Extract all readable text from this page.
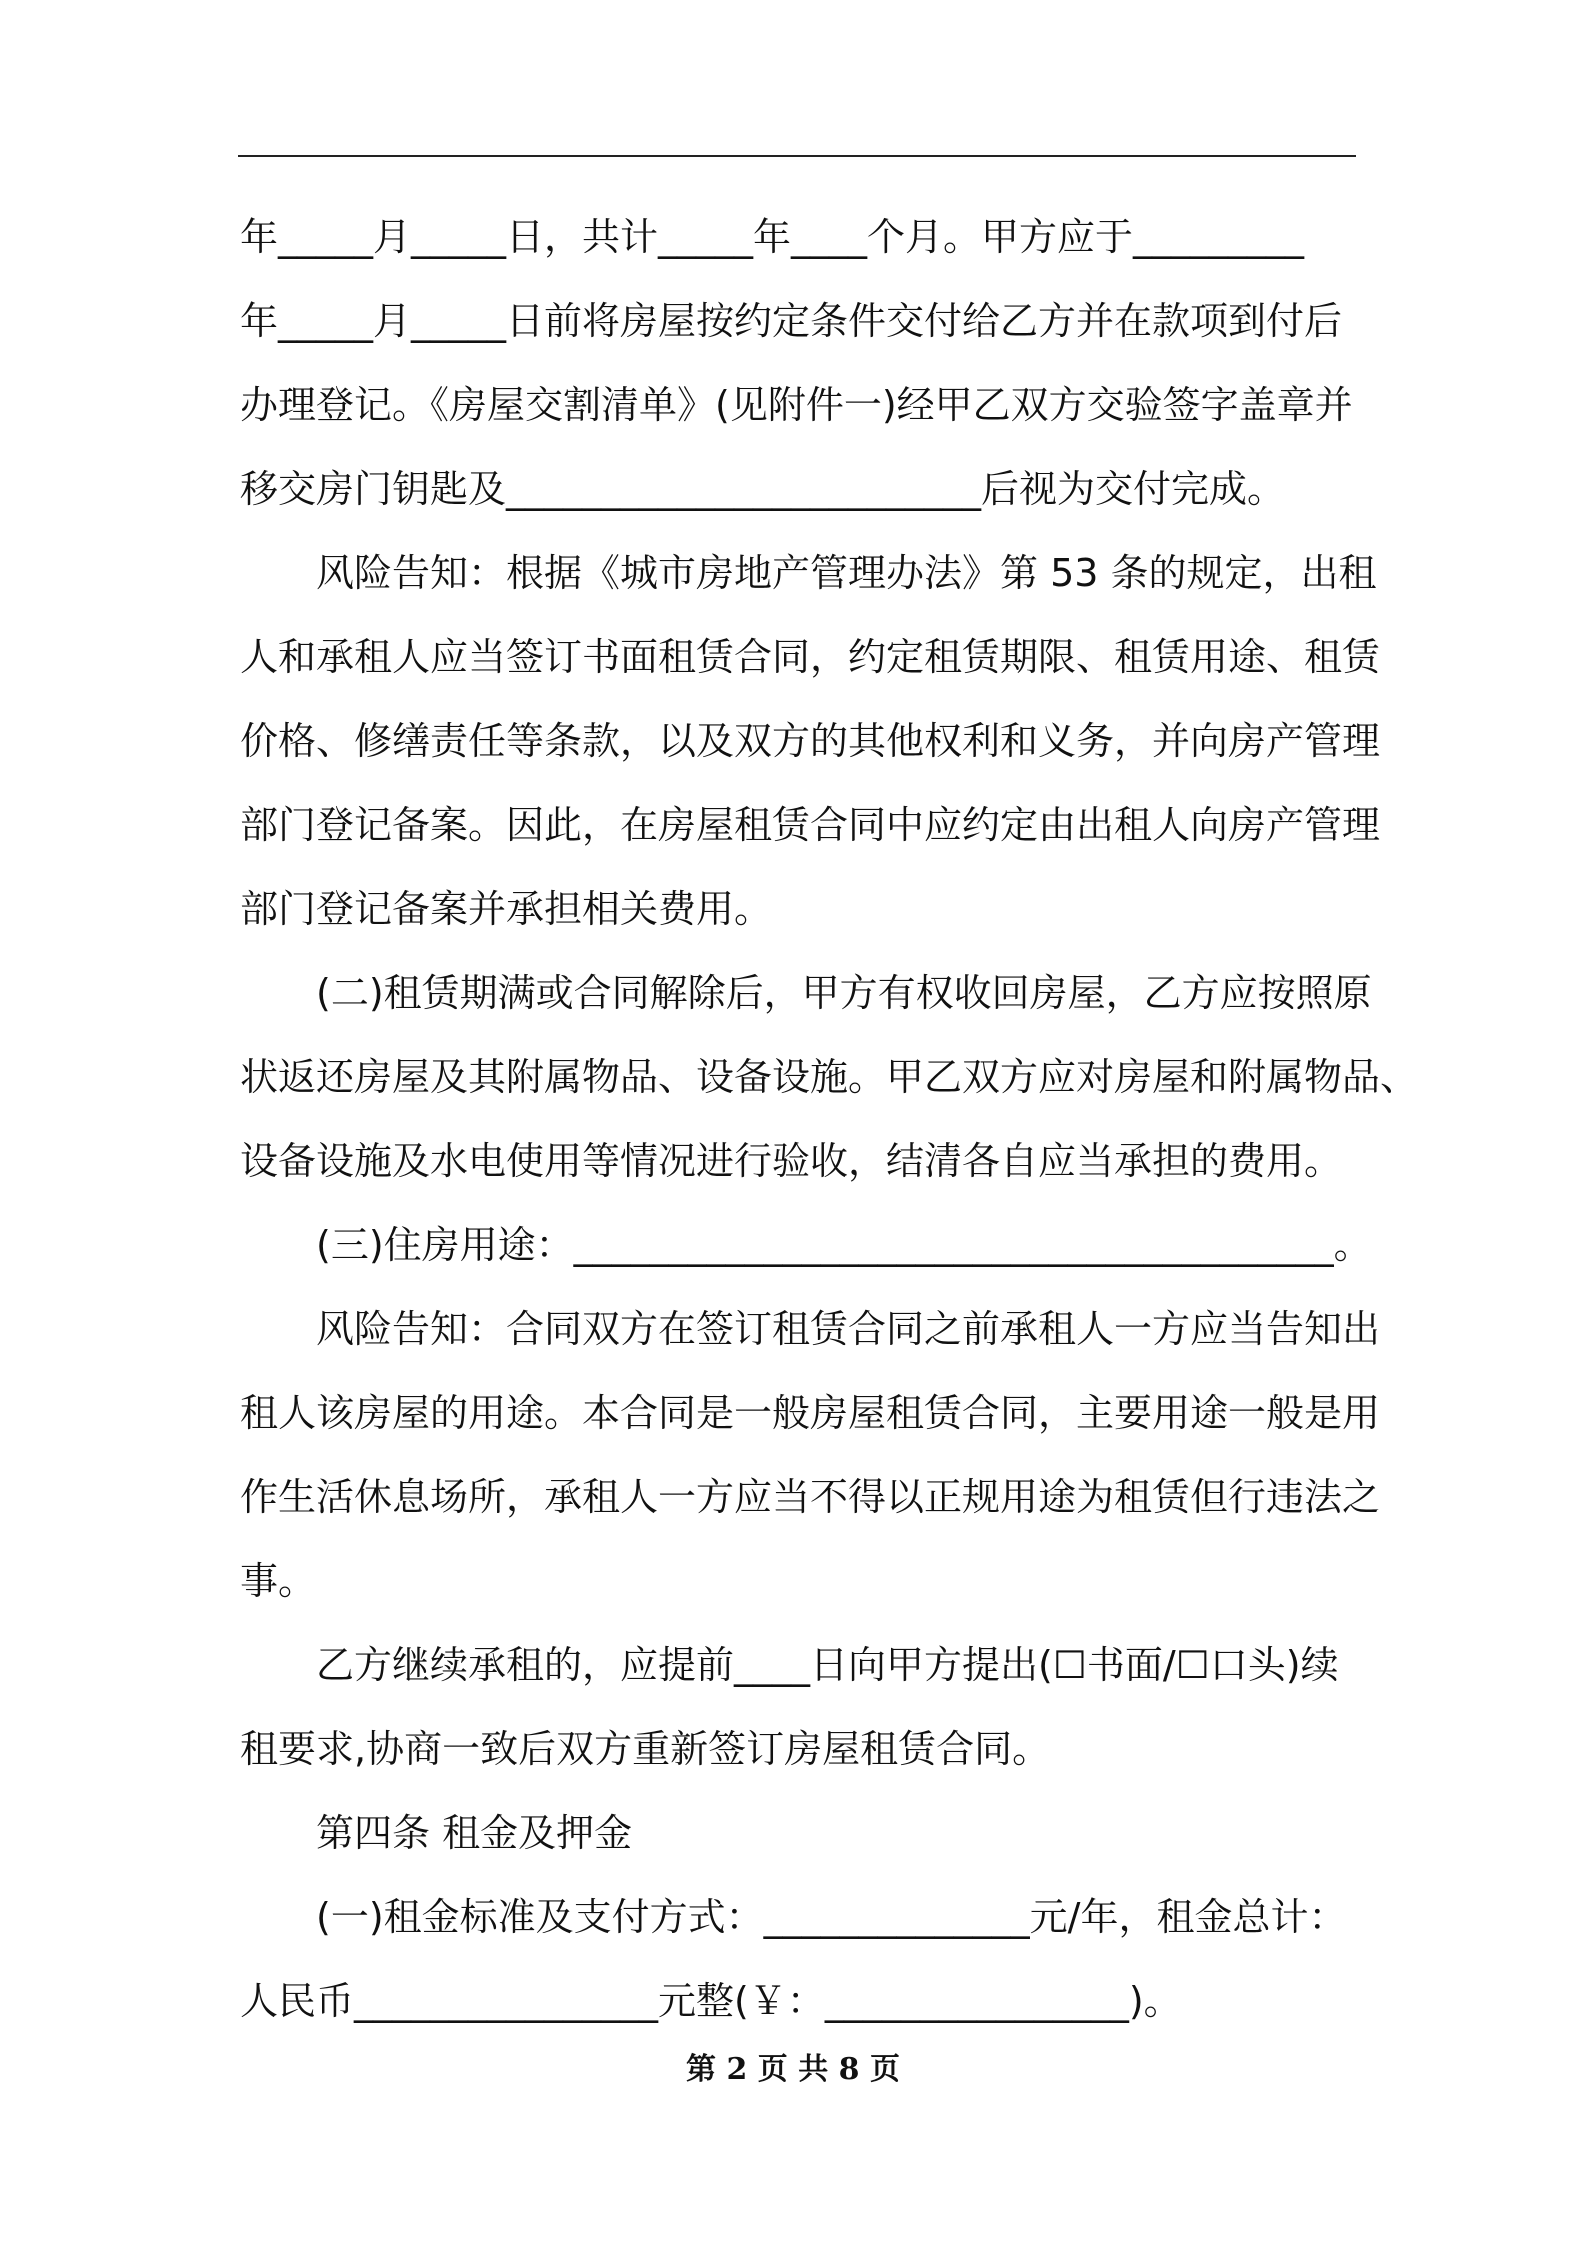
年_____月_____日，共计_____年____个月。甲方应于_________
年_____月_____日前将房屋按约定条件交付给乙方并在款项到付后
办理登记。《房屋交割清单》(见附件一)经甲乙双方交验签字盖章并
移交房门钥匙及_________________________后视为交付完成。
风险告知：根据《城市房地产管理办法》第 53 条的规定，出租
人和承租人应当签订书面租赁合同，约定租赁期限、租赁用途、租赁
价格、修缮责任等条款，以及双方的其他权利和义务，并向房产管理
部门登记备案。因此，在房屋租赁合同中应约定由出租人向房产管理
部门登记备案并承担相关费用。
(二)租赁期满或合同解除后，甲方有权收回房屋，乙方应按照原
状返还房屋及其附属物品、设备设施。甲乙双方应对房屋和附属物品、
设备设施及水电使用等情况进行验收，结清各自应当承担的费用。
(三)住房用途：________________________________________。
风险告知：合同双方在签订租赁合同之前承租人一方应当告知出
租人该房屋的用途。本合同是一般房屋租赁合同，主要用途一般是用
作生活休息场所，承租人一方应当不得以正规用途为租赁但行违法之
事。
乙方继续承租的，应提前____日向甲方提出(☐书面/☐口头)续
租要求,协商一致后双方重新签订房屋租赁合同。
第四条 租金及押金
(一)租金标准及支付方式：______________元/年，租金总计：
人民币________________元整(￥：________________)。
第 2 页 共 8 页
